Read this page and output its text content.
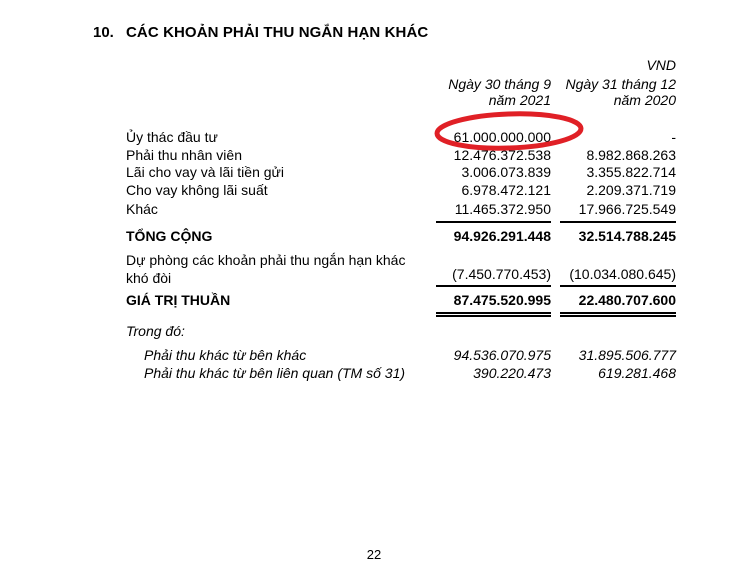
10. CÁC KHOẢN PHẢI THU NGẮN HẠN KHÁC
VND
Ngày 30 tháng 9
năm 2021
Ngày 31 tháng 12
năm 2020
Ủy thác đầu tư	61.000.000.000	-
Phải thu nhân viên	12.476.372.538	8.982.868.263
Lãi cho vay và lãi tiền gửi	3.006.073.839	3.355.822.714
Cho vay không lãi suất	6.978.472.121	2.209.371.719
Khác	11.465.372.950	17.966.725.549
TỔNG CỘNG	94.926.291.448	32.514.788.245
Dự phòng các khoản phải thu ngắn hạn khác khó đòi	(7.450.770.453)	(10.034.080.645)
GIÁ TRỊ THUẦN	87.475.520.995	22.480.707.600
Trong đó:
Phải thu khác từ bên khác	94.536.070.975	31.895.506.777
Phải thu khác từ bên liên quan (TM số 31)	390.220.473	619.281.468
22
